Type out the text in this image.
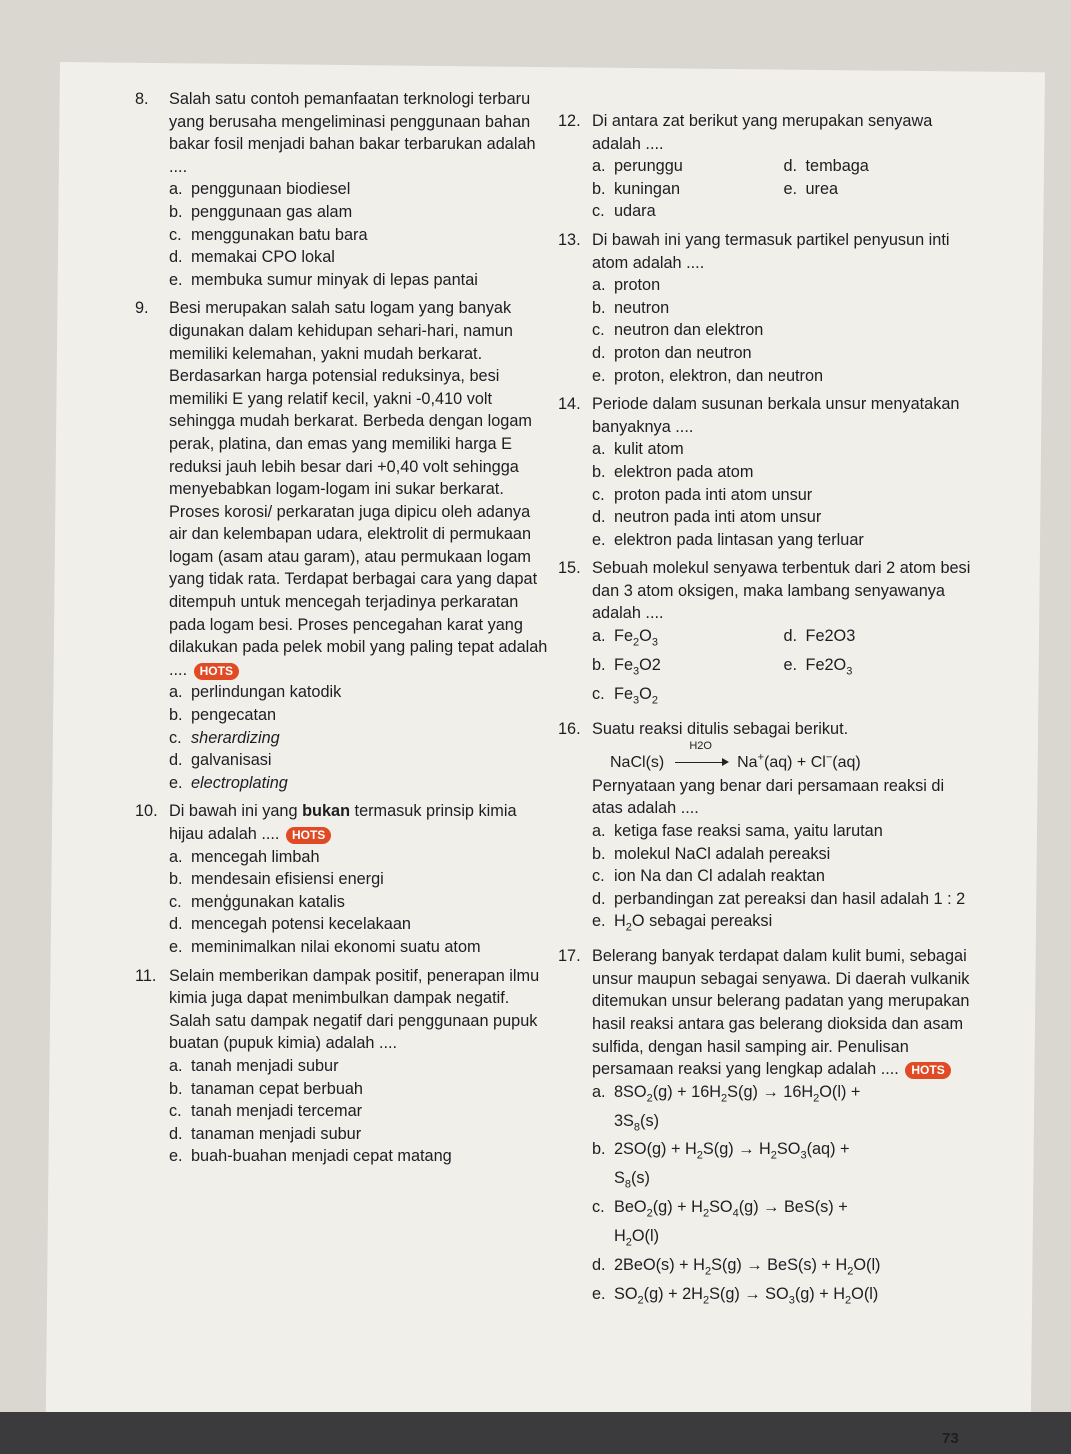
73
8. Salah satu contoh pemanfaatan terknologi terbaru yang berusaha mengeliminasi penggunaan bahan bakar fosil menjadi bahan bakar terbarukan adalah ....
a. penggunaan biodiesel
b. penggunaan gas alam
c. menggunakan batu bara
d. memakai CPO lokal
e. membuka sumur minyak di lepas pantai
9. Besi merupakan salah satu logam yang banyak digunakan dalam kehidupan sehari-hari, namun memiliki kelemahan, yakni mudah berkarat. Berdasarkan harga potensial reduksinya, besi memiliki E yang relatif kecil, yakni -0,410 volt sehingga mudah berkarat. Berbeda dengan logam perak, platina, dan emas yang memiliki harga E reduksi jauh lebih besar dari +0,40 volt sehingga menyebabkan logam-logam ini sukar berkarat. Proses korosi/ perkaratan juga dipicu oleh adanya air dan kelembapan udara, elektrolit di permukaan logam (asam atau garam), atau permukaan logam yang tidak rata. Terdapat berbagai cara yang dapat ditempuh untuk mencegah terjadinya perkaratan pada logam besi. Proses pencegahan karat yang dilakukan pada pelek mobil yang paling tepat adalah
.... HOTS
a. perlindungan katodik
b. pengecatan
c. sherardizing
d. galvanisasi
e. electroplating
10. Di bawah ini yang bukan termasuk prinsip kimia hijau adalah .... HOTS
a. mencegah limbah
b. mendesain efisiensi energi
c. menģgunakan katalis
d. mencegah potensi kecelakaan
e. meminimalkan nilai ekonomi suatu atom
11. Selain memberikan dampak positif, penerapan ilmu kimia juga dapat menimbulkan dampak negatif. Salah satu dampak negatif dari penggunaan pupuk buatan (pupuk kimia) adalah ....
a. tanah menjadi subur
b. tanaman cepat berbuah
c. tanah menjadi tercemar
d. tanaman menjadi subur
e. buah-buahan menjadi cepat matang
12. Di antara zat berikut yang merupakan senyawa adalah ....
a. perunggu	d. tembaga
b. kuningan	e. urea
c. udara
13. Di bawah ini yang termasuk partikel penyusun inti atom adalah ....
a. proton
b. neutron
c. neutron dan elektron
d. proton dan neutron
e. proton, elektron, dan neutron
14. Periode dalam susunan berkala unsur menyatakan banyaknya ....
a. kulit atom
b. elektron pada atom
c. proton pada inti atom unsur
d. neutron pada inti atom unsur
e. elektron pada lintasan yang terluar
15. Sebuah molekul senyawa terbentuk dari 2 atom besi dan 3 atom oksigen, maka lambang senyawanya adalah ....
a. $Fe_2O_3$	d. Fe2O3
b. $Fe_3O2$	e. $Fe2O_3$
c. $Fe_3O_2$
16. Suatu reaksi ditulis sebagai berikut.
NaCl(s)
H2O
Na+(aq) + Cl−(aq)
Pernyataan yang benar dari persamaan reaksi di atas adalah ....
a. ketiga fase reaksi sama, yaitu larutan
b. molekul NaCl adalah pereaksi
c. ion Na dan Cl adalah reaktan
d. perbandingan zat pereaksi dan hasil adalah 1 : 2
e. $H_2O$ sebagai pereaksi
17. Belerang banyak terdapat dalam kulit bumi, sebagai unsur maupun sebagai senyawa. Di daerah vulkanik ditemukan unsur belerang padatan yang merupakan hasil reaksi antara gas belerang dioksida dan asam sulfida, dengan hasil samping air. Penulisan persamaan reaksi yang lengkap adalah .... HOTS
a. $8SO_2(g) + 16H_2S(g) \to 16H_2O(l)$ +
$3S_8(s)$
b. $2SO(g) + H_2S(g) \to H_2SO_3(aq)$ +
$S_8(s)$
c. $BeO_2(g) + H_2SO_4(g) \to BeS(s)$ +
$H_2O(l)$
d. $2BeO(s) + H_2S(g) \to BeS(s) + H_2O(l)$
e. $SO_2(g) + 2H_2S(g) \to SO_3(g) + H_2O(l)$
